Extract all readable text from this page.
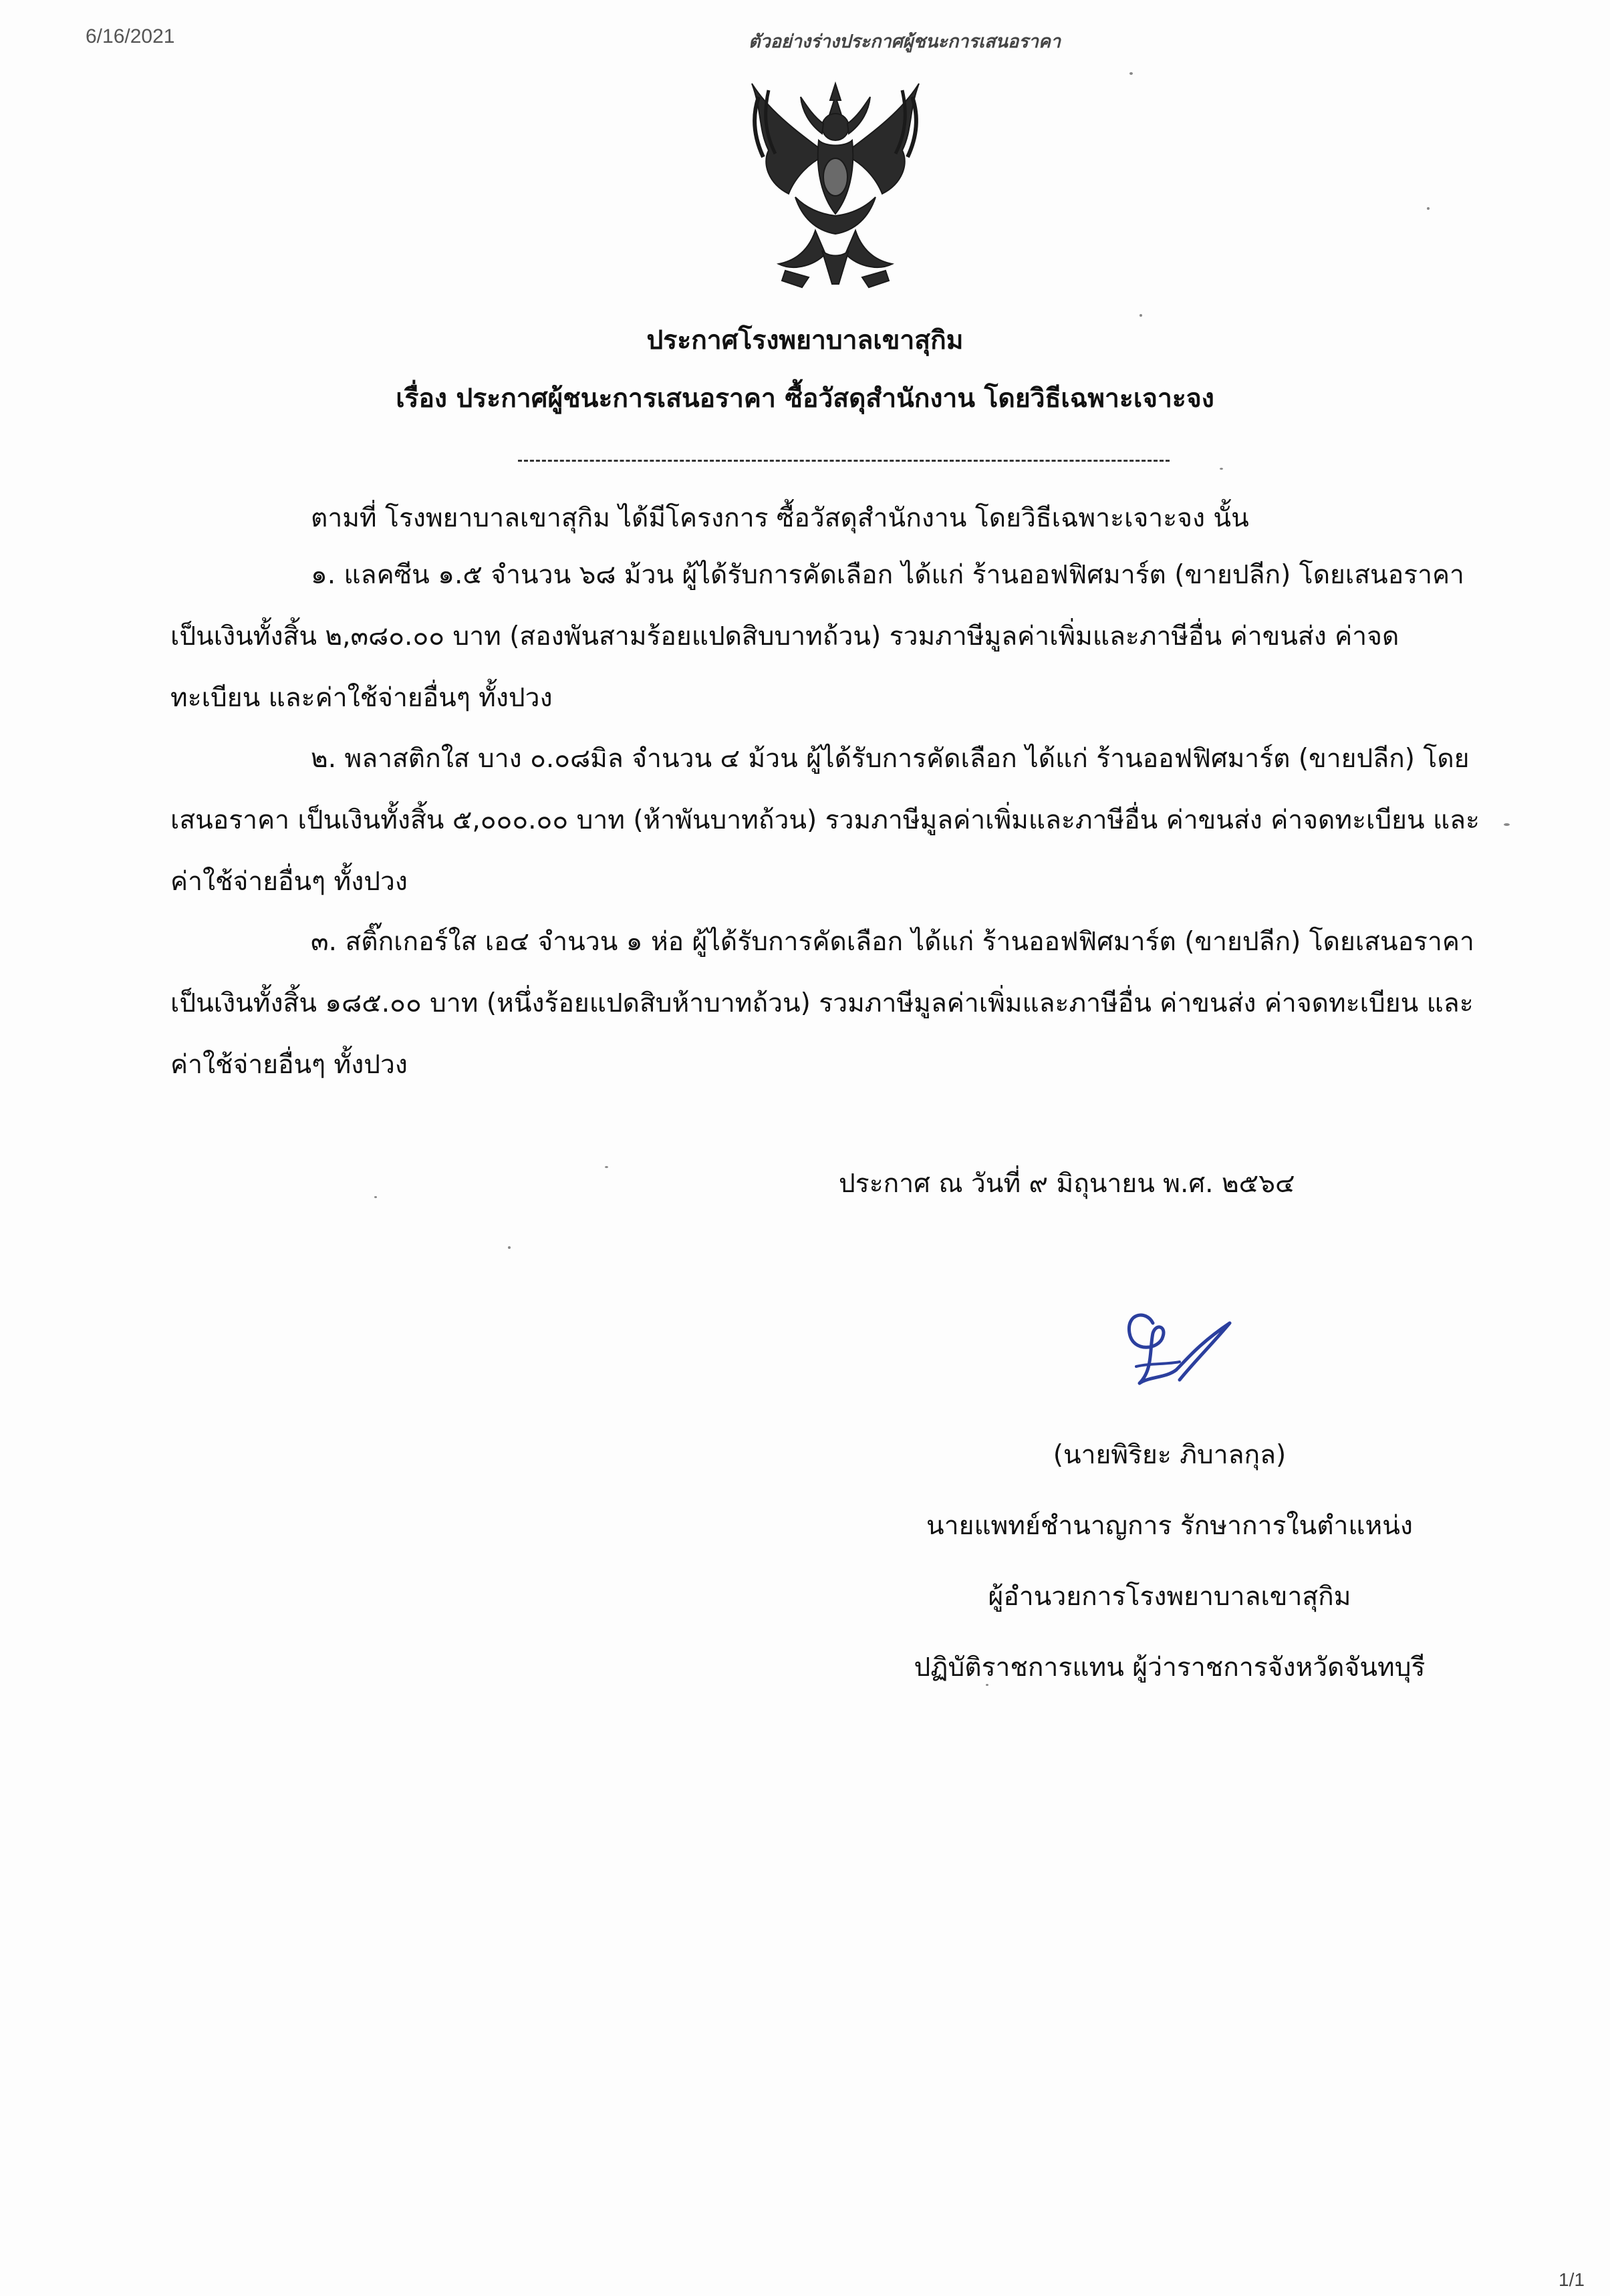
6/16/2021	ตัวอย่างร่างประกาศผู้ชนะการเสนอราคา
ประกาศโรงพยาบาลเขาสุกิม
เรื่อง ประกาศผู้ชนะการเสนอราคา ซื้อวัสดุสำนักงาน โดยวิธีเฉพาะเจาะจง

ตามที่ โรงพยาบาลเขาสุกิม ได้มีโครงการ ซื้อวัสดุสำนักงาน โดยวิธีเฉพาะเจาะจง นั้น

๑. แลคซีน ๑.๕ จำนวน ๖๘ ม้วน ผู้ได้รับการคัดเลือก ได้แก่ ร้านออฟฟิศมาร์ต (ขายปลีก) โดยเสนอราคา เป็นเงินทั้งสิ้น ๒,๓๘๐.๐๐ บาท (สองพันสามร้อยแปดสิบบาทถ้วน) รวมภาษีมูลค่าเพิ่มและภาษีอื่น ค่าขนส่ง ค่าจดทะเบียน และค่าใช้จ่ายอื่นๆ ทั้งปวง

๒. พลาสติกใส บาง ๐.๐๘มิล จำนวน ๔ ม้วน ผู้ได้รับการคัดเลือก ได้แก่ ร้านออฟฟิศมาร์ต (ขายปลีก) โดยเสนอราคา เป็นเงินทั้งสิ้น ๕,๐๐๐.๐๐ บาท (ห้าพันบาทถ้วน) รวมภาษีมูลค่าเพิ่มและภาษีอื่น ค่าขนส่ง ค่าจดทะเบียน และค่าใช้จ่ายอื่นๆ ทั้งปวง

๓. สติ๊กเกอร์ใส เอ๔ จำนวน ๑ ห่อ ผู้ได้รับการคัดเลือก ได้แก่ ร้านออฟฟิศมาร์ต (ขายปลีก) โดยเสนอราคา เป็นเงินทั้งสิ้น ๑๘๕.๐๐ บาท (หนึ่งร้อยแปดสิบห้าบาทถ้วน) รวมภาษีมูลค่าเพิ่มและภาษีอื่น ค่าขนส่ง ค่าจดทะเบียน และค่าใช้จ่ายอื่นๆ ทั้งปวง

ประกาศ ณ วันที่ ๙ มิถุนายน พ.ศ. ๒๕๖๔
(นายพิริยะ ภิบาลกุล)
นายแพทย์ชำนาญการ รักษาการในตำแหน่ง
ผู้อำนวยการโรงพยาบาลเขาสุกิม
ปฏิบัติราชการแทน ผู้ว่าราชการจังหวัดจันทบุรี
1/1
